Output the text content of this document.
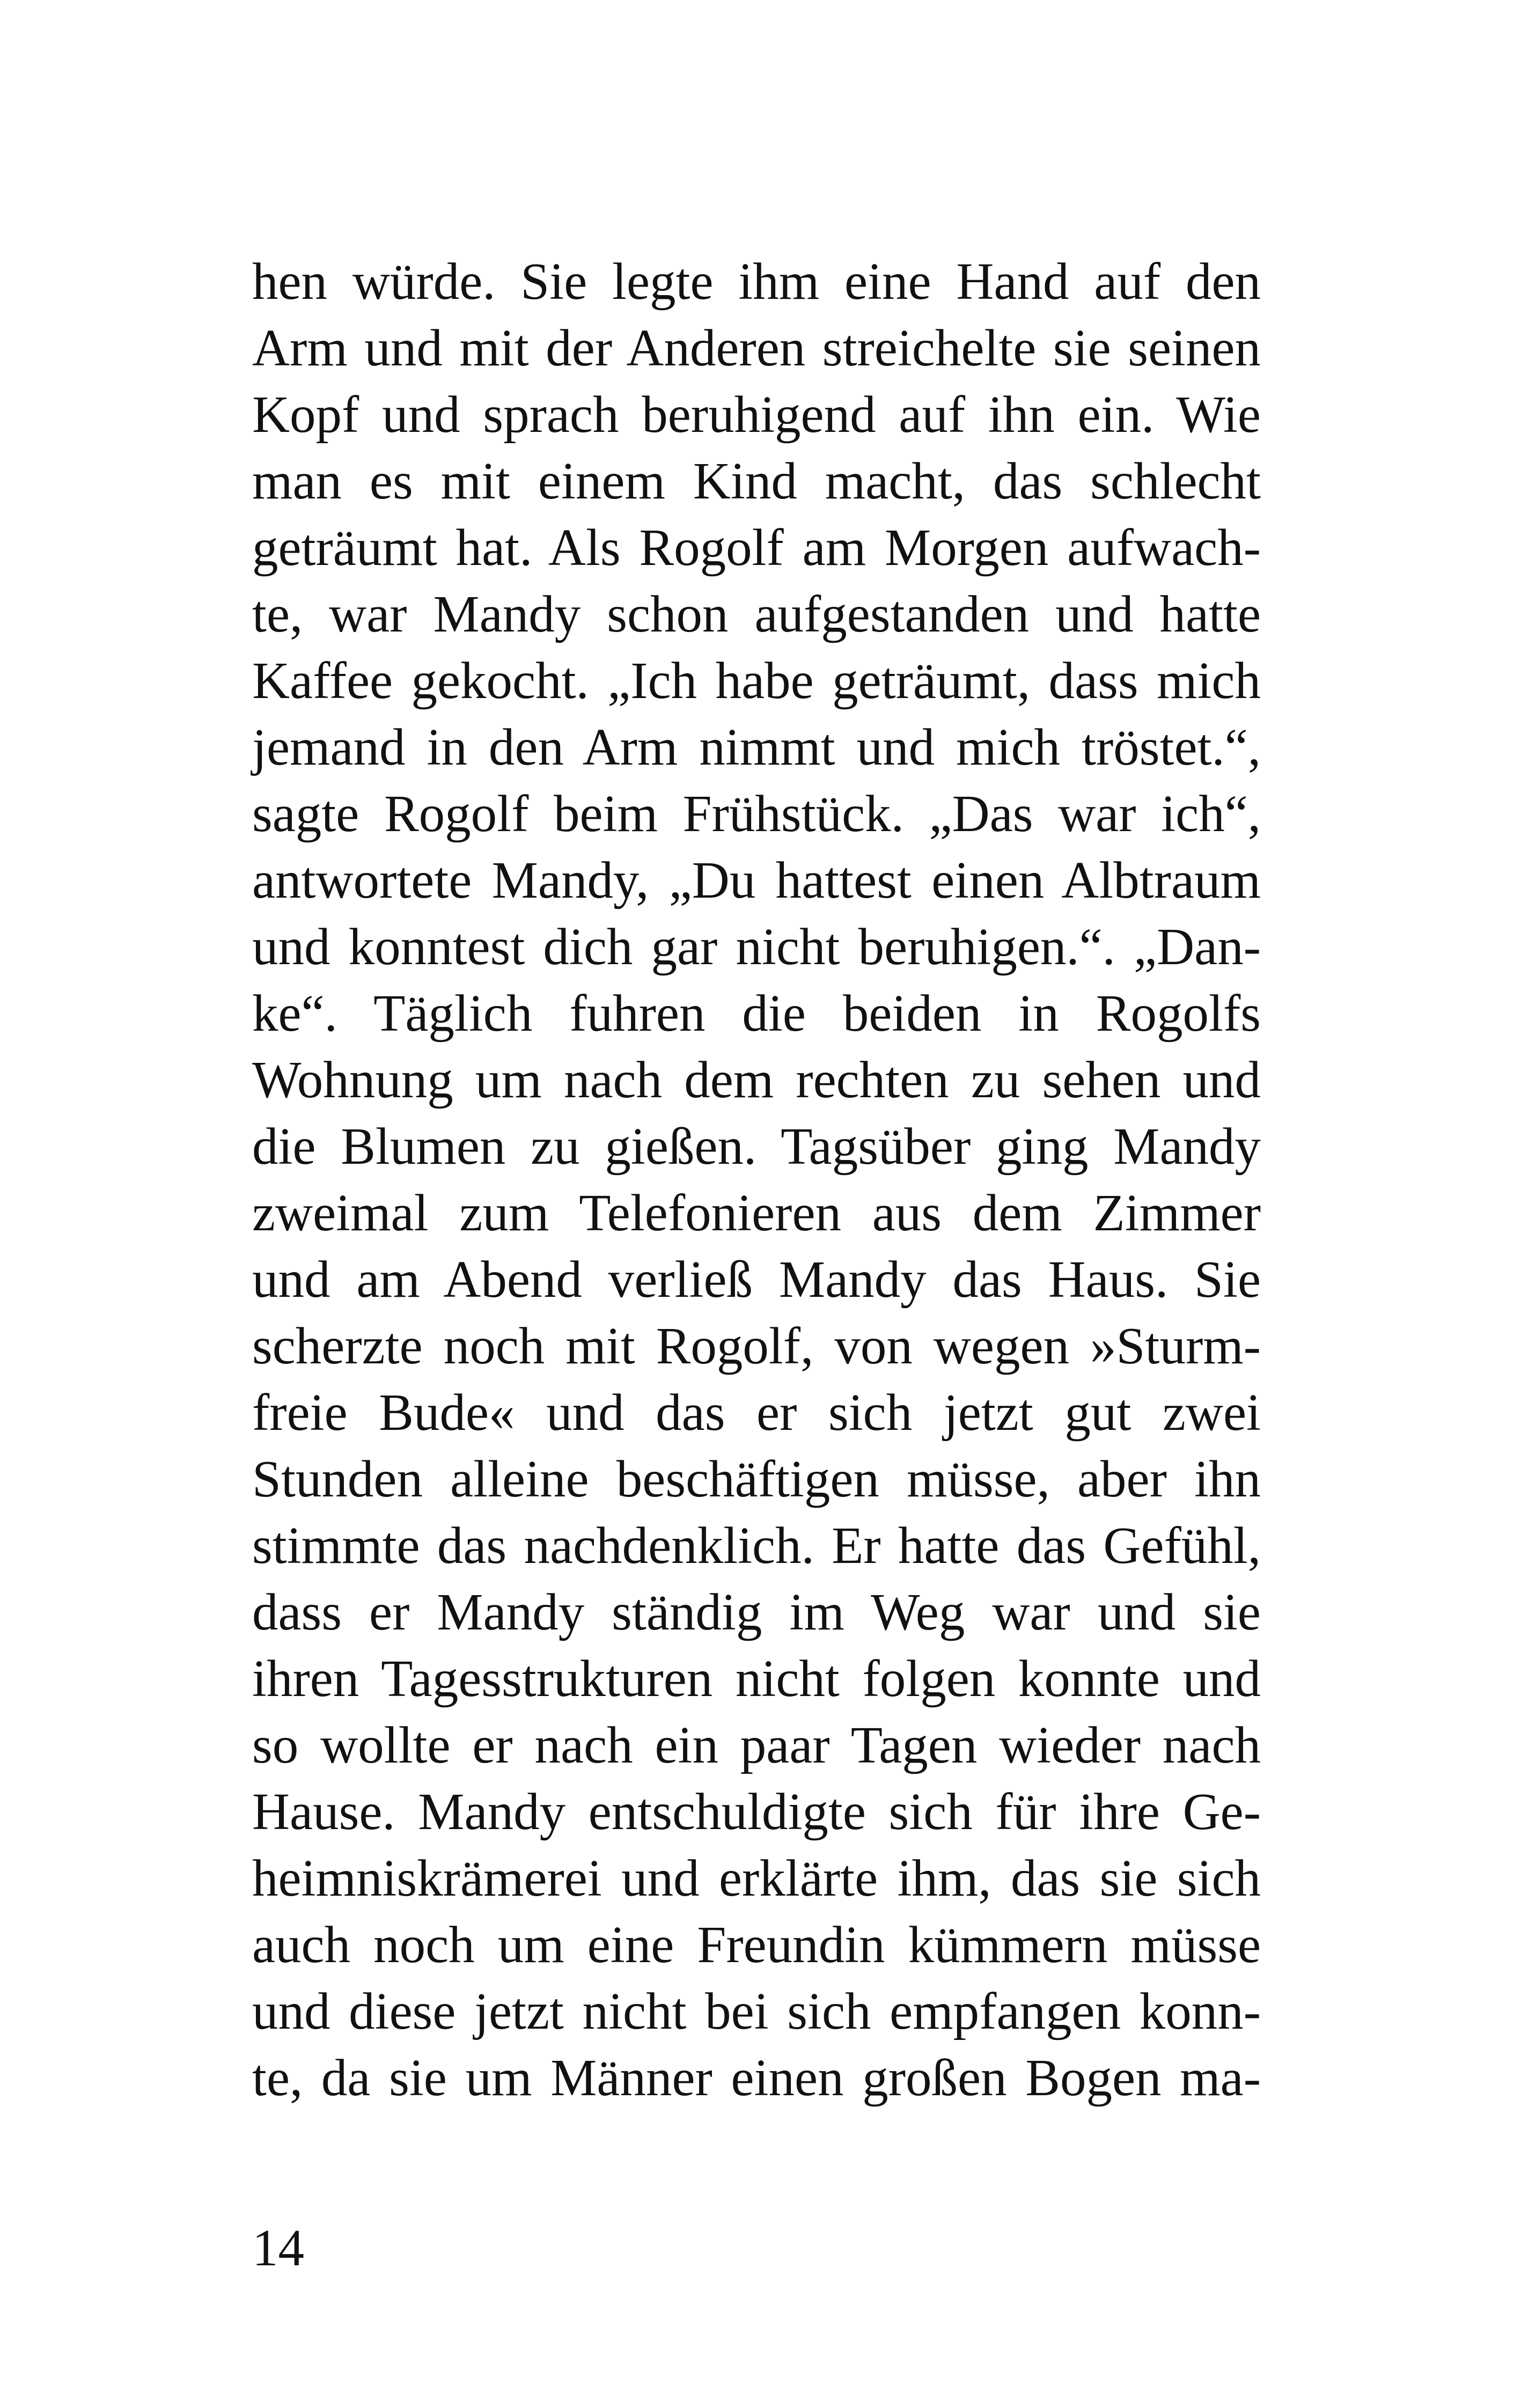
hen würde. Sie legte ihm eine Hand auf den
Arm und mit der Anderen streichelte sie seinen
Kopf und sprach beruhigend auf ihn ein. Wie
man es mit einem Kind macht, das schlecht
geträumt hat. Als Rogolf am Morgen aufwach-
te, war Mandy schon aufgestanden und hatte
Kaffee gekocht. „Ich habe geträumt, dass mich
jemand in den Arm nimmt und mich tröstet.“,
sagte Rogolf beim Frühstück. „Das war ich“,
antwortete Mandy, „Du hattest einen Albtraum
und konntest dich gar nicht beruhigen.“. „Dan-
ke“. Täglich fuhren die beiden in Rogolfs
Wohnung um nach dem rechten zu sehen und
die Blumen zu gießen. Tagsüber ging Mandy
zweimal zum Telefonieren aus dem Zimmer
und am Abend verließ Mandy das Haus. Sie
scherzte noch mit Rogolf, von wegen »Sturm-
freie Bude« und das er sich jetzt gut zwei
Stunden alleine beschäftigen müsse, aber ihn
stimmte das nachdenklich. Er hatte das Gefühl,
dass er Mandy ständig im Weg war und sie
ihren Tagesstrukturen nicht folgen konnte und
so wollte er nach ein paar Tagen wieder nach
Hause. Mandy entschuldigte sich für ihre Ge-
heimniskrämerei und erklärte ihm, das sie sich
auch noch um eine Freundin kümmern müsse
und diese jetzt nicht bei sich empfangen konn-
te, da sie um Männer einen großen Bogen ma-
14
